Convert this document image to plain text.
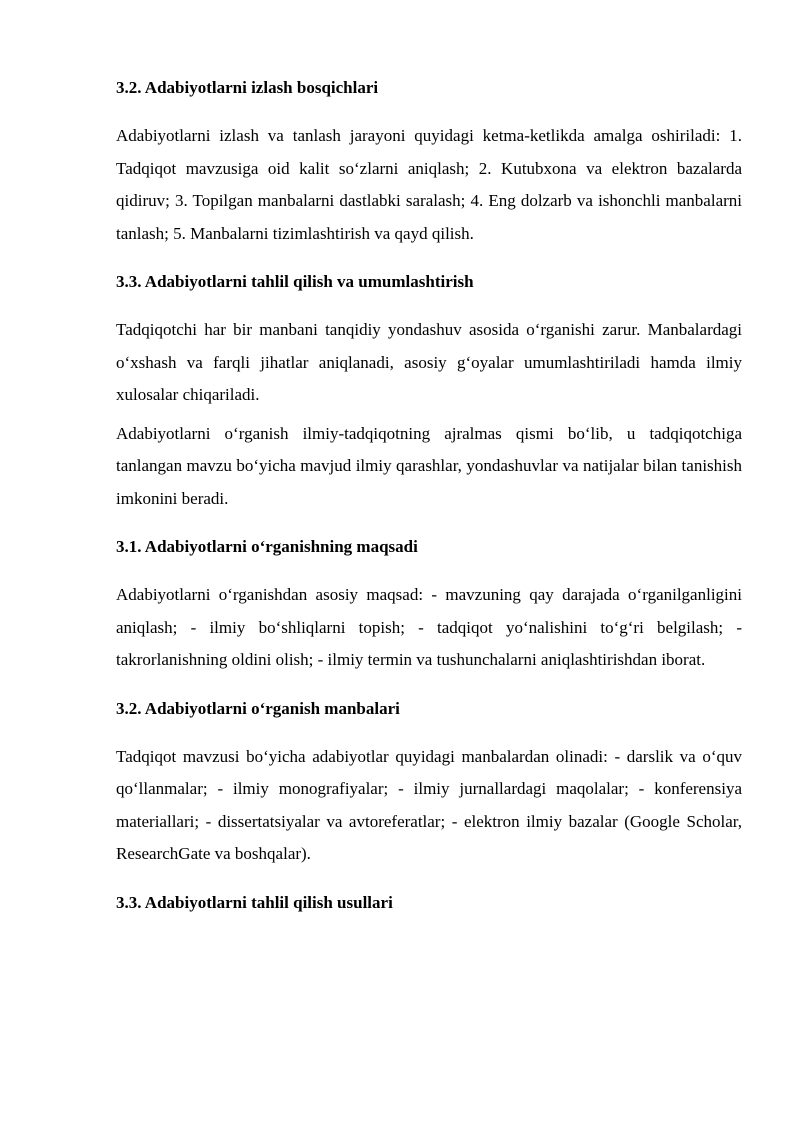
3.2. Adabiyotlarni izlash bosqichlari

Adabiyotlarni izlash va tanlash jarayoni quyidagi ketma-ketlikda amalga oshiriladi: 1. Tadqiqot mavzusiga oid kalit so‘zlarni aniqlash; 2. Kutubxona va elektron bazalarda qidiruv; 3. Topilgan manbalarni dastlabki saralash; 4. Eng dolzarb va ishonchli manbalarni tanlash; 5. Manbalarni tizimlashtirish va qayd qilish.

3.3. Adabiyotlarni tahlil qilish va umumlashtirish

Tadqiqotchi har bir manbani tanqidiy yondashuv asosida o‘rganishi zarur. Manbalardagi o‘xshash va farqli jihatlar aniqlanadi, asosiy g‘oyalar umumlashtiriladi hamda ilmiy xulosalar chiqariladi.

Adabiyotlarni o‘rganish ilmiy-tadqiqotning ajralmas qismi bo‘lib, u tadqiqotchiga tanlangan mavzu bo‘yicha mavjud ilmiy qarashlar, yondashuvlar va natijalar bilan tanishish imkonini beradi.

3.1. Adabiyotlarni o‘rganishning maqsadi

Adabiyotlarni o‘rganishdan asosiy maqsad: - mavzuning qay darajada o‘rganilganligini aniqlash; - ilmiy bo‘shliqlarni topish; - tadqiqot yo‘nalishini to‘g‘ri belgilash; - takrorlanishning oldini olish; - ilmiy termin va tushunchalarni aniqlashtirishdan iborat.

3.2. Adabiyotlarni o‘rganish manbalari

Tadqiqot mavzusi bo‘yicha adabiyotlar quyidagi manbalardan olinadi: - darslik va o‘quv qo‘llanmalar; - ilmiy monografiyalar; - ilmiy jurnallardagi maqolalar; - konferensiya materiallari; - dissertatsiyalar va avtoreferatlar; - elektron ilmiy bazalar (Google Scholar, ResearchGate va boshqalar).

3.3. Adabiyotlarni tahlil qilish usullari
